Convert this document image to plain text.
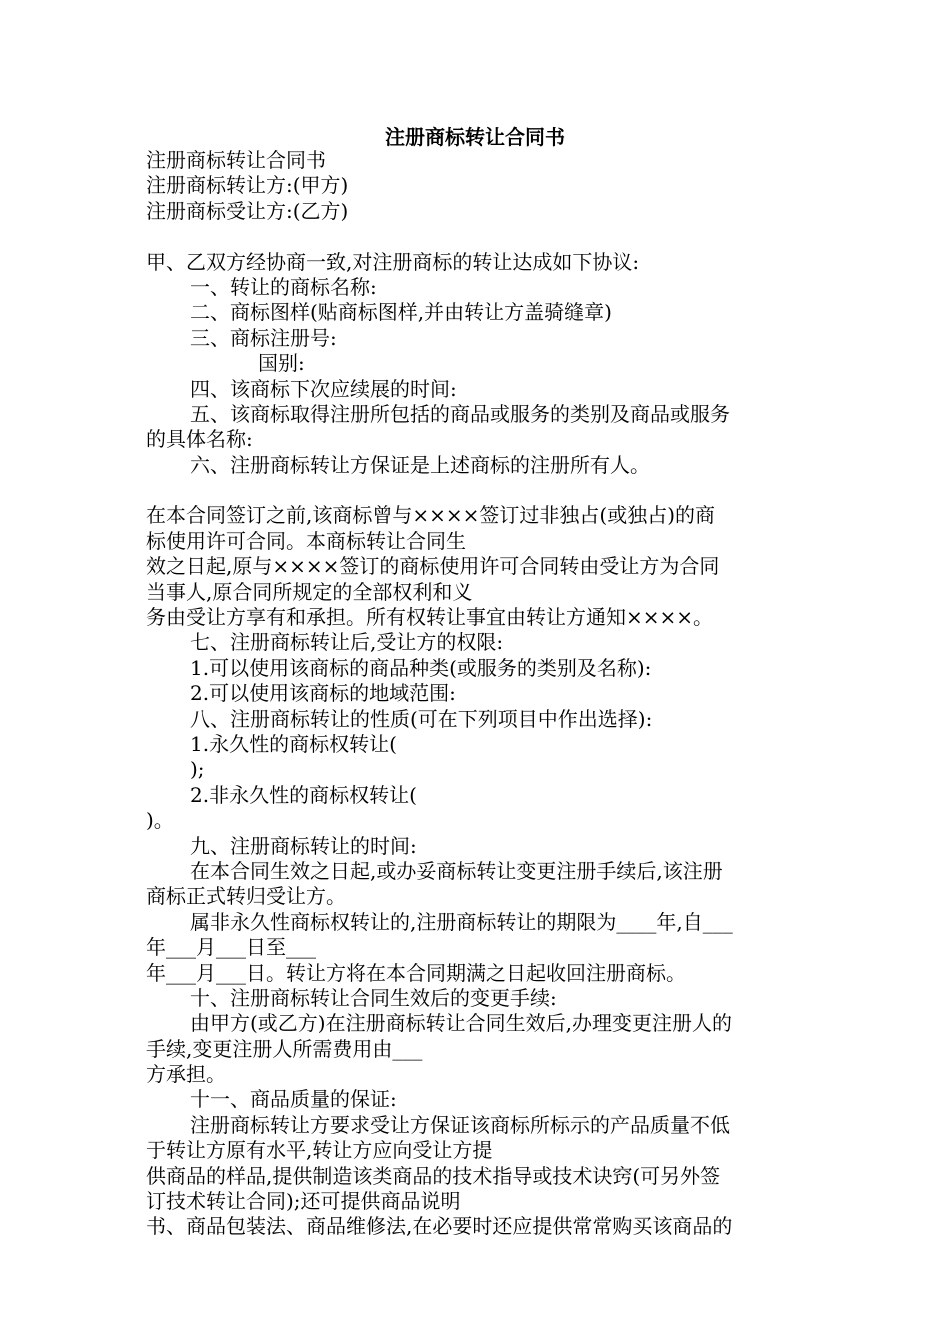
注册商标转让合同书
注册商标转让合同书
注册商标转让方:(甲方)
注册商标受让方:(乙方)
甲、乙双方经协商一致,对注册商标的转让达成如下协议:
一、转让的商标名称:
二、商标图样(贴商标图样,并由转让方盖骑缝章)
三、商标注册号:
国别:
四、该商标下次应续展的时间:
五、该商标取得注册所包括的商品或服务的类别及商品或服务
的具体名称:
六、注册商标转让方保证是上述商标的注册所有人。
在本合同签订之前,该商标曾与××××签订过非独占(或独占)的商
标使用许可合同。本商标转让合同生
效之日起,原与××××签订的商标使用许可合同转由受让方为合同
当事人,原合同所规定的全部权利和义
务由受让方享有和承担。所有权转让事宜由转让方通知××××。
七、注册商标转让后,受让方的权限:
1.可以使用该商标的商品种类(或服务的类别及名称):
2.可以使用该商标的地域范围:
八、注册商标转让的性质(可在下列项目中作出选择):
1.永久性的商标权转让(
);
2.非永久性的商标权转让(
)。
九、注册商标转让的时间:
在本合同生效之日起,或办妥商标转让变更注册手续后,该注册
商标正式转归受让方。
属非永久性商标权转让的,注册商标转让的期限为____年,自___
年___月___日至___
年___月___日。转让方将在本合同期满之日起收回注册商标。
十、注册商标转让合同生效后的变更手续:
由甲方(或乙方)在注册商标转让合同生效后,办理变更注册人的
手续,变更注册人所需费用由___
方承担。
十一、商品质量的保证:
注册商标转让方要求受让方保证该商标所标示的产品质量不低
于转让方原有水平,转让方应向受让方提
供商品的样品,提供制造该类商品的技术指导或技术诀窍(可另外签
订技术转让合同);还可提供商品说明
书、商品包装法、商品维修法,在必要时还应提供常常购买该商品的
